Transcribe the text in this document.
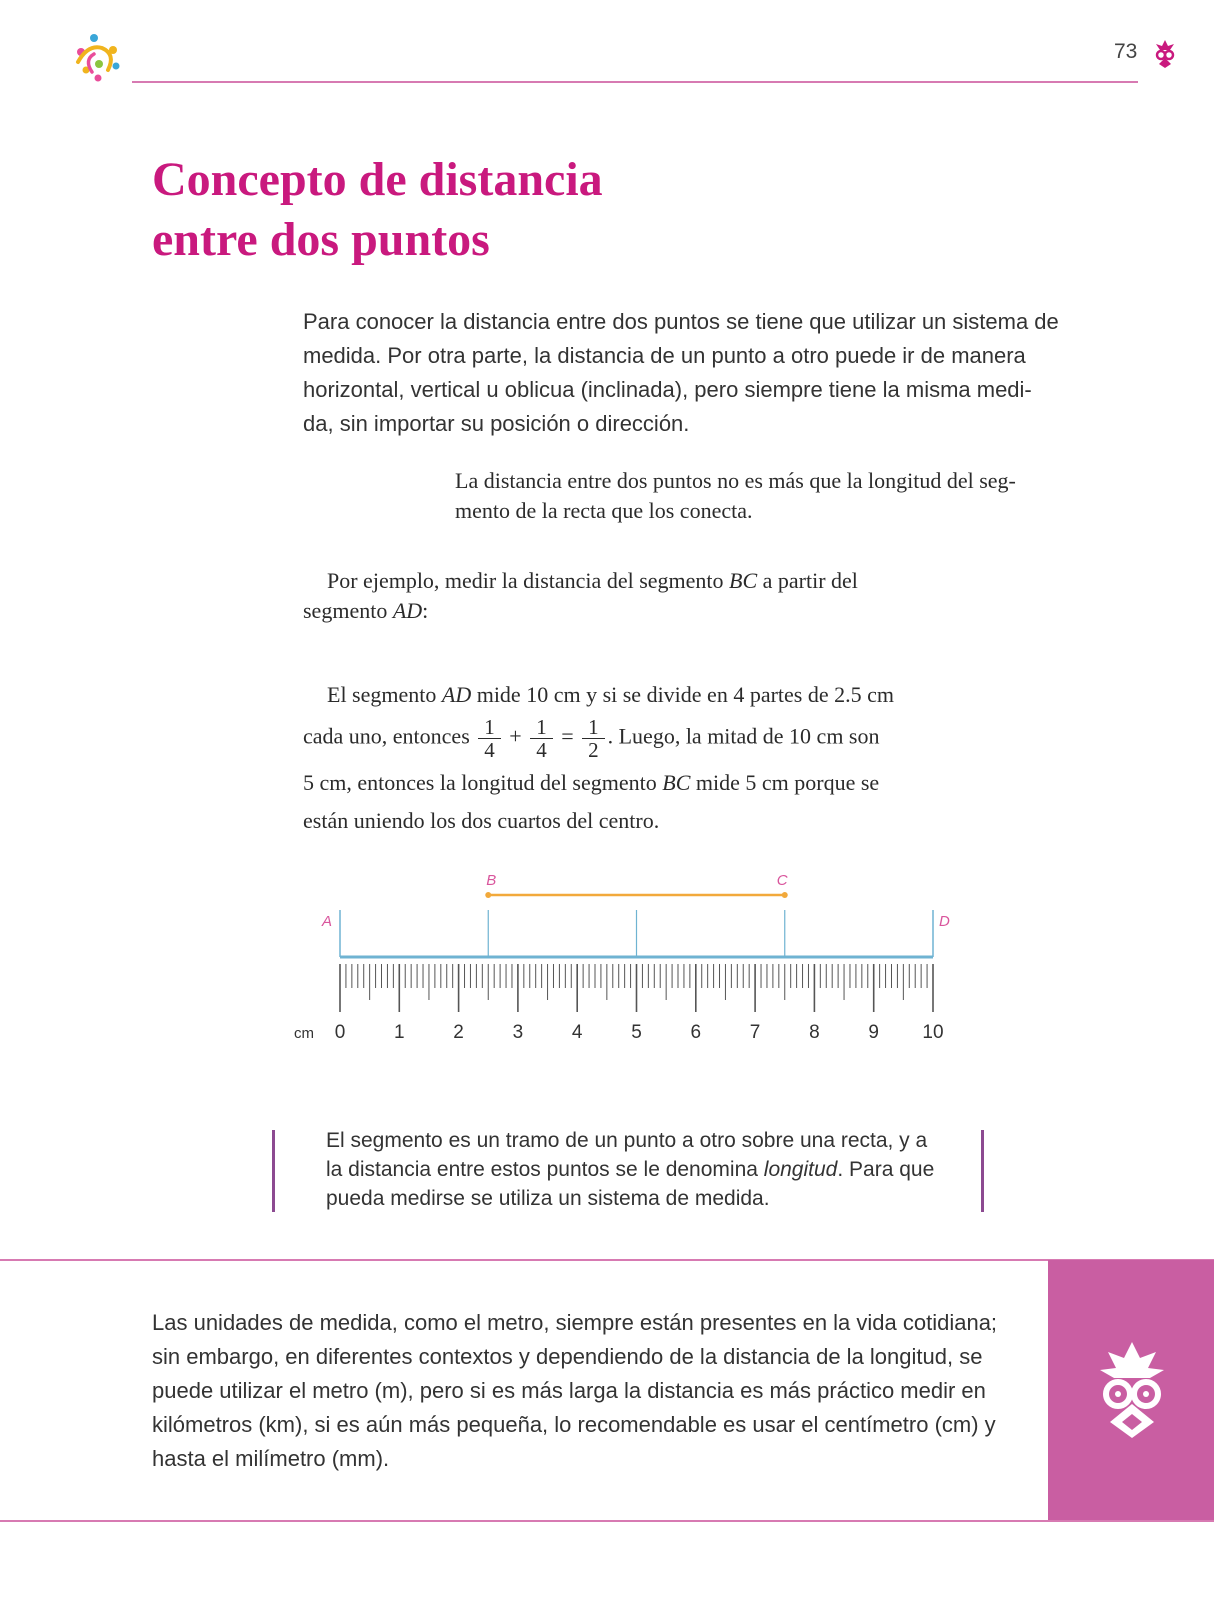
73
Concepto de distancia
entre dos puntos
Para conocer la distancia entre dos puntos se tiene que utilizar un sistema de
medida. Por otra parte, la distancia de un punto a otro puede ir de manera
horizontal, vertical u oblicua (inclinada), pero siempre tiene la misma medi-
da, sin importar su posición o dirección.
La distancia entre dos puntos no es más que la longitud del seg-
mento de la recta que los conecta.
Por ejemplo, medir la distancia del segmento BC a partir del
segmento AD:
El segmento AD mide 10 cm y si se divide en 4 partes de 2.5 cm
cada uno, entonces $\frac{1}{4} + \frac{1}{4} = \frac{1}{2}$ . Luego, la mitad de 10 cm son
5 cm, entonces la longitud del segmento BC mide 5 cm porque se
están uniendo los dos cuartos del centro.
A	D
B	C
0	1	2	3	4	5	6	7	8	9 10
cm
El segmento es un tramo de un punto a otro sobre una recta, y a
la distancia entre estos puntos se le denomina longitud. Para que
pueda medirse se utiliza un sistema de medida.
Las unidades de medida, como el metro, siempre están presentes en la vida cotidiana;
sin embargo, en diferentes contextos y dependiendo de la distancia de la longitud, se
puede utilizar el metro (m), pero si es más larga la distancia es más práctico medir en
kilómetros (km), si es aún más pequeña, lo recomendable es usar el centímetro (cm) y
hasta el milímetro (mm).
